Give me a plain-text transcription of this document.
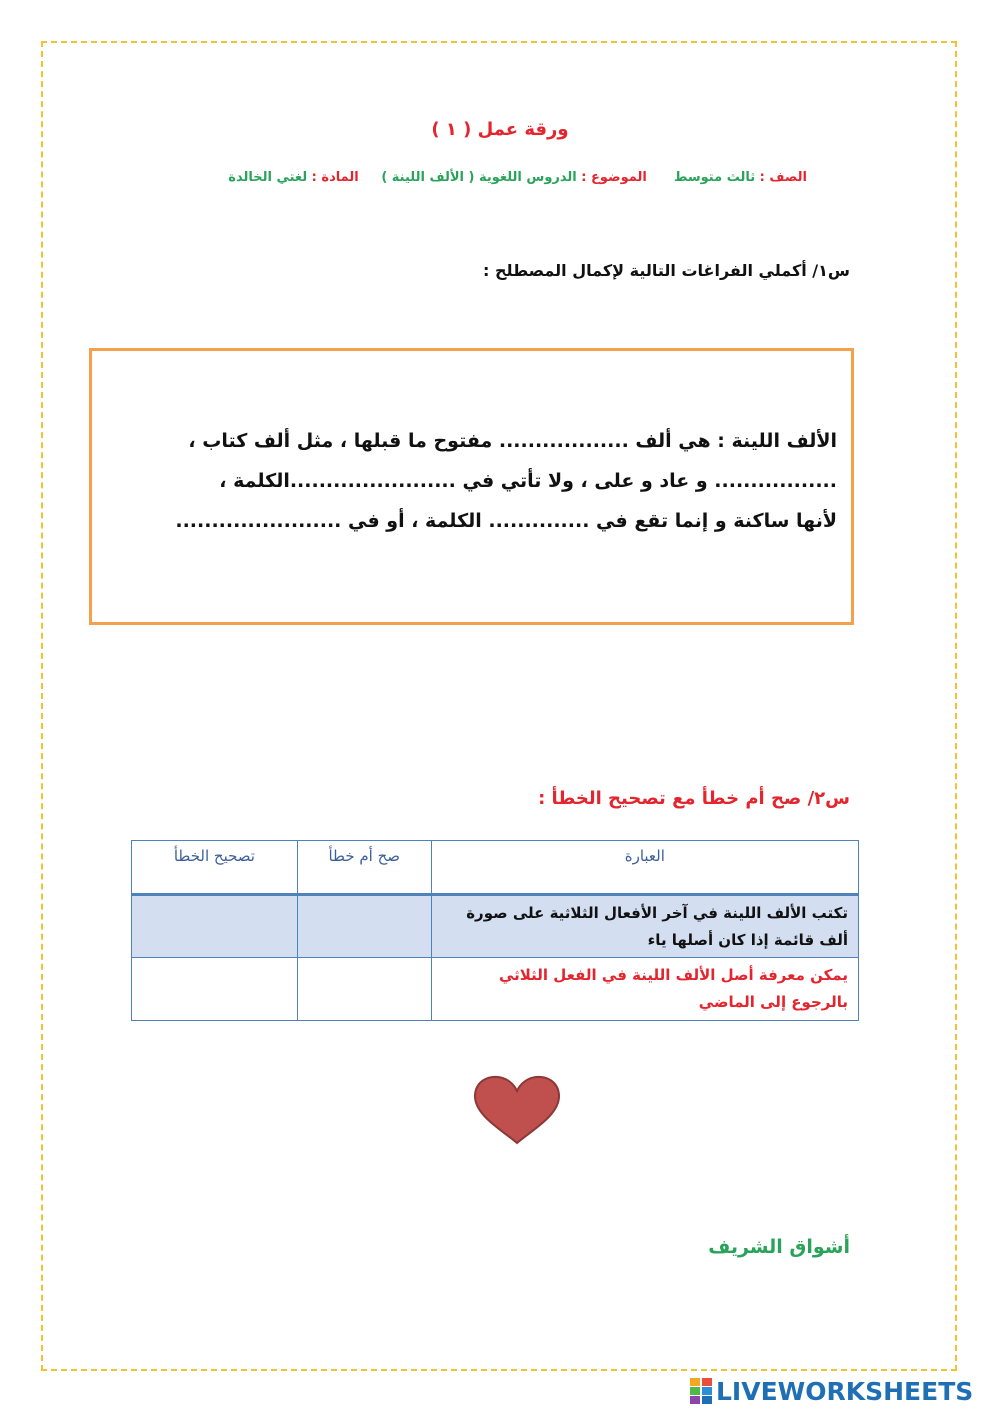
ورقة عمل ( ١ )
الصف : ثالث متوسط      الموضوع : الدروس اللغوية ( الألف اللينة )     المادة : لغتي الخالدة
س١/ أكملي الفراغات التالية لإكمال المصطلح :
الألف اللينة : هي ألف .................. مفتوح ما قبلها ، مثل ألف كتاب ،
................. و عاد و على ، ولا تأتي في .......................الكلمة ،
لأنها ساكنة و إنما تقع في .............. الكلمة ، أو في .......................
س٢/ صح أم خطأ مع تصحيح الخطأ :
العبارة	صح أم خطأ	تصحيح الخطأ
تكتب الألف اللينة في آخر الأفعال الثلاثية على صورة ألف قائمة إذا كان أصلها ياء		
يمكن معرفة أصل الألف اللينة في الفعل الثلاثي بالرجوع إلى الماضي		
أشواق الشريف
LIVEWORKSHEETS
